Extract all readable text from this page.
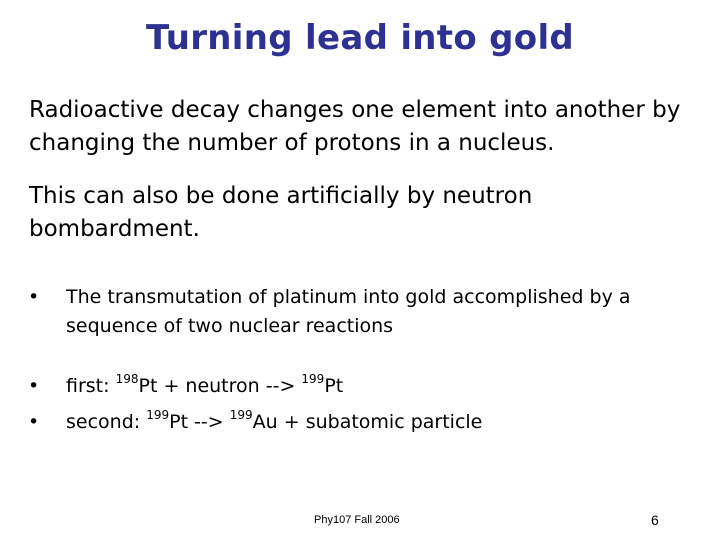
Turning lead into gold

Radioactive decay changes one element into another by changing the number of protons in a nucleus.

This can also be done artificially by neutron bombardment.

• The transmutation of platinum into gold accomplished by a sequence of two nuclear reactions
• first: $^{198}$Pt + neutron --> $^{199}$Pt
• second: $^{199}$Pt --> $^{199}$Au + subatomic particle
Phy107 Fall 2006	6
